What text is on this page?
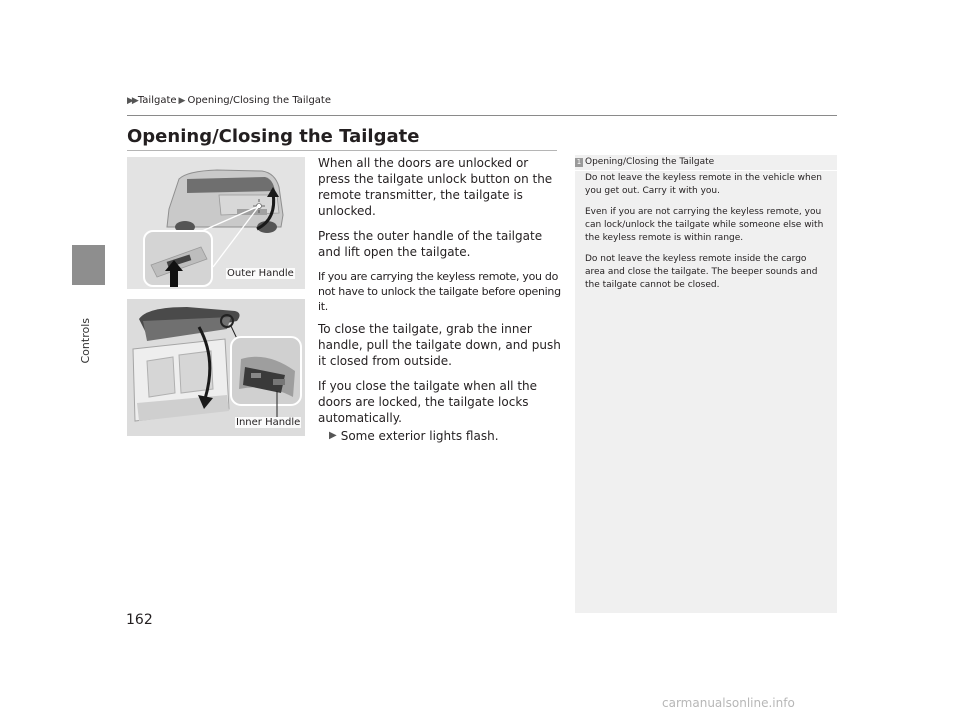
Controls
▶▶ Tailgate ▶ Opening/Closing the Tailgate
Opening/Closing the Tailgate
Outer Handle
Inner Handle

When all the doors are unlocked or press the tailgate unlock button on the remote transmitter, the tailgate is unlocked.

Press the outer handle of the tailgate and lift open the tailgate.

If you are carrying the keyless remote, you do not have to unlock the tailgate before opening it.

To close the tailgate, grab the inner handle, pull the tailgate down, and push it closed from outside.

If you close the tailgate when all the doors are locked, the tailgate locks automatically.

▶ Some exterior lights flash.
1 Opening/Closing the Tailgate

Do not leave the keyless remote in the vehicle when you get out. Carry it with you.

Even if you are not carrying the keyless remote, you can lock/unlock the tailgate while someone else with the keyless remote is within range.

Do not leave the keyless remote inside the cargo area and close the tailgate. The beeper sounds and the tailgate cannot be closed.

162
carmanualsonline.info
